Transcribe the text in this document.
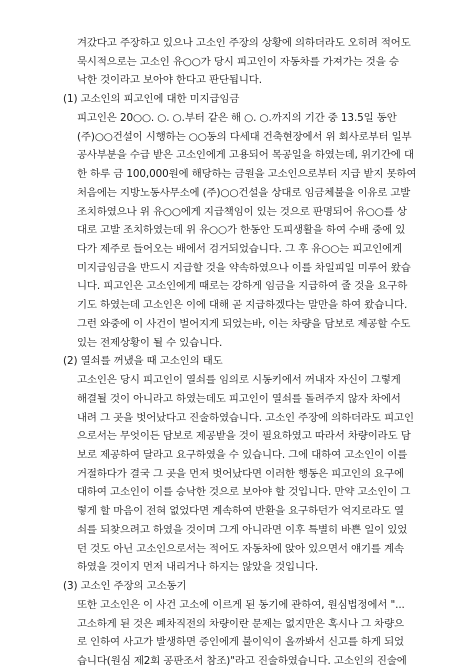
겨갔다고 주장하고 있으나 고소인 주장의 상황에 의하더라도 오히려 적어도
묵시적으로는 고소인 유○○가 당시 피고인이 자동차를 가져가는 것을 승
낙한 것이라고 보아야 한다고 판단됩니다.
(1) 고소인의 피고인에 대한 미지급임금
피고인은 20○○. ○. ○.부터 같은 해 ○. ○.까지의 기간 중 13.5일 동안
(주)○○건설이 시행하는 ○○동의 다세대 건축현장에서 위 회사로부터 일부
공사부분을 수급 받은 고소인에게 고용되어 목공일을 하였는데, 위기간에 대
한 하루 금 100,000원에 해당하는 금원을 고소인으로부터 지급 받지 못하여
처음에는 지방노동사무소에 (주)○○건설을 상대로 임금체불을 이유로 고발
조치하였으나 위 유○○에게 지급책임이 있는 것으로 판명되어 유○○를 상
대로 고발 조치하였는데 위 유○○가 한동안 도피생활을 하여 수배 중에 있
다가 제주로 들어오는 배에서 검거되었습니다. 그 후 유○○는 피고인에게
미지급임금을 반드시 지급할 것을 약속하였으나 이를 차일피일 미루어 왔습
니다. 피고인은 고소인에게 때로는 강하게 임금을 지급하여 줄 것을 요구하
기도 하였는데 고소인은 이에 대해 곧 지급하겠다는 말만을 하여 왔습니다.
그런 와중에 이 사건이 벌어지게 되었는바, 이는 차량을 담보로 제공할 수도
있는 전제상황이 될 수 있습니다.
(2) 열쇠를 꺼냈을 때 고소인의 태도
고소인은 당시 피고인이 열쇠를 임의로 시동키에서 꺼내자 자신이 그렇게
해결될 것이 아니라고 하였는데도 피고인이 열쇠를 돌려주지 않자 차에서
내려 그 곳을 벗어났다고 진술하였습니다. 고소인 주장에 의하더라도 피고인
으로서는 무엇이든 담보로 제공받을 것이 필요하였고 따라서 차량이라도 담
보로 제공하여 달라고 요구하였을 수 있습니다. 그에 대하여 고소인이 이를
거절하다가 결국 그 곳을 먼저 벗어났다면 이러한 행동은 피고인의 요구에
대하여 고소인이 이를 승낙한 것으로 보아야 할 것입니다. 만약 고소인이 그
렇게 할 마음이 전혀 없었다면 계속하여 반환을 요구하던가 억지로라도 열
쇠를 되찾으려고 하였을 것이며 그게 아니라면 이후 특별히 바쁜 일이 있었
던 것도 아닌 고소인으로서는 적어도 자동차에 앉아 있으면서 얘기를 계속
하였을 것이지 먼저 내리거나 하지는 않았을 것입니다.
(3) 고소인 주장의 고소동기
또한 고소인은 이 사건 고소에 이르게 된 동기에 관하여, 원심법정에서 "...
고소하게 된 것은 폐차직전의 차량이란 문제는 없지만은 혹시나 그 차량으
로 인하여 사고가 발생하면 증인에게 불이익이 올까봐서 신고를 하게 되었
습니다(원심 제2회 공판조서 참조)"라고 진술하였습니다. 고소인의 진술에
